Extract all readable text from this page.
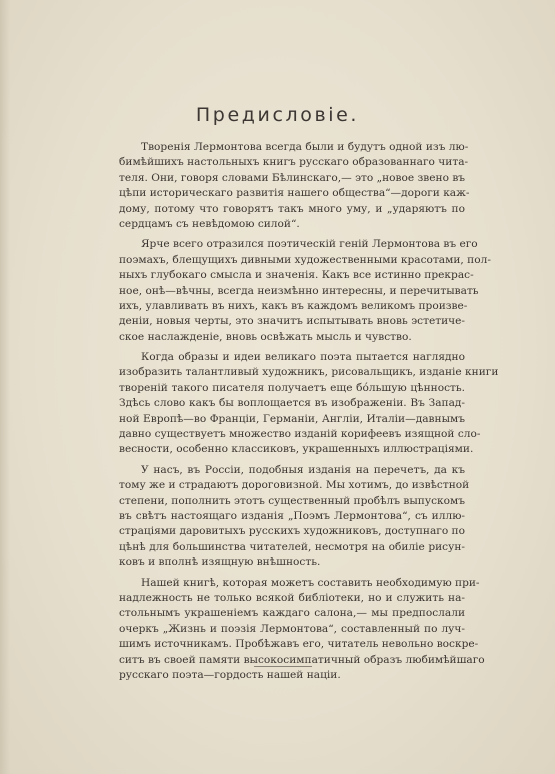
Предисловіе.
Творенія Лермонтова всегда были и будутъ одной изъ лю-
бимѣйшихъ настольныхъ книгъ русскаго образованнаго чита-
теля. Они, говоря словами Бѣлинскаго,— это „новое звено въ
цѣпи историческаго развитія нашего общества“—дороги каж-
дому, потому что говорятъ такъ много уму, и „ударяютъ по
сердцамъ съ невѣдомою силой“.
Ярче всего отразился поэтическій геній Лермонтова въ его
поэмахъ, блещущихъ дивными художественными красотами, пол-
ныхъ глубокаго смысла и значенія. Какъ все истинно прекрас-
ное, онѣ—вѣчны, всегда неизмѣнно интересны, и перечитывать
ихъ, улавливать въ нихъ, какъ въ каждомъ великомъ произве-
деніи, новыя черты, это значитъ испытывать вновь эстетиче-
ское наслажденіе, вновь освѣжать мысль и чувство.
Когда образы и идеи великаго поэта пытается наглядно
изобразить талантливый художникъ, рисовальщикъ, изданіе книги
твореній такого писателя получаетъ еще бóльшую цѣнность.
Здѣсь слово какъ бы воплощается въ изображеніи. Въ Запад-
ной Европѣ—во Франціи, Германіи, Англіи, Италіи—давнымъ
давно существуетъ множество изданій корифеевъ изящной сло-
весности, особенно классиковъ, украшенныхъ иллюстраціями.
У насъ, въ Россіи, подобныя изданія на перечетъ, да къ
тому же и страдаютъ дороговизной. Мы хотимъ, до извѣстной
степени, пополнить этотъ существенный пробѣлъ выпускомъ
въ свѣтъ настоящаго изданія „Поэмъ Лермонтова“, съ иллю-
страціями даровитыхъ русскихъ художниковъ, доступнаго по
цѣнѣ для большинства читателей, несмотря на обиліе рисун-
ковъ и вполнѣ изящную внѣшность.
Нашей книгѣ, которая можетъ составить необходимую при-
надлежность не только всякой библіотеки, но и служить на-
стольнымъ украшеніемъ каждаго салона,— мы предпослали
очеркъ „Жизнь и поэзія Лермонтова“, составленный по луч-
шимъ источникамъ. Пробѣжавъ его, читатель невольно воскре-
ситъ въ своей памяти высокосимпатичный образъ любимѣйшаго
русскаго поэта—гордость нашей націи.
